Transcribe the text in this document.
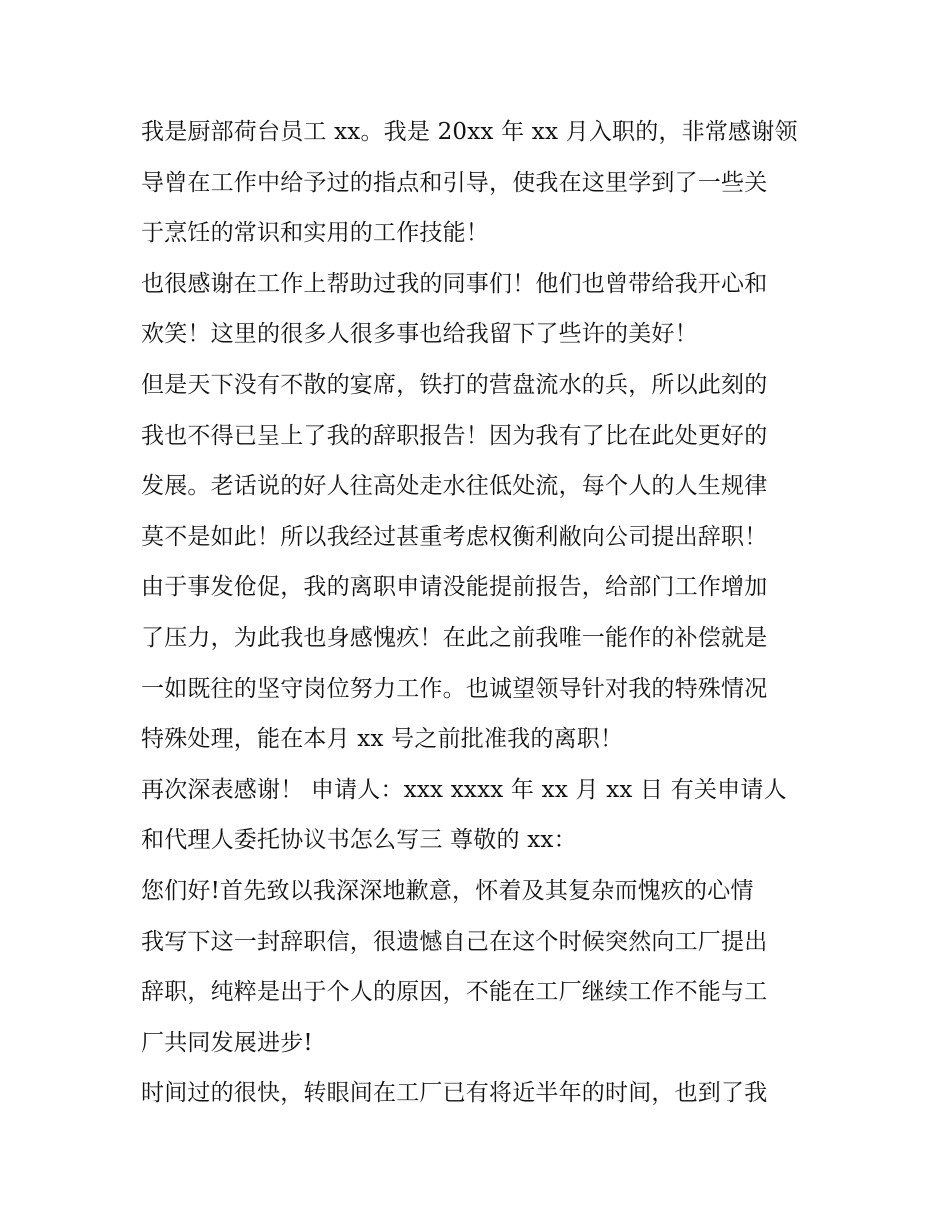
我是厨部荷台员工 xx。我是 20xx 年 xx 月入职的，非常感谢领
导曾在工作中给予过的指点和引导，使我在这里学到了一些关
于烹饪的常识和实用的工作技能！
也很感谢在工作上帮助过我的同事们！他们也曾带给我开心和
欢笑！这里的很多人很多事也给我留下了些许的美好！
但是天下没有不散的宴席，铁打的营盘流水的兵，所以此刻的
我也不得已呈上了我的辞职报告！因为我有了比在此处更好的
发展。老话说的好人往高处走水往低处流，每个人的人生规律
莫不是如此！所以我经过甚重考虑权衡利敝向公司提出辞职！
由于事发伧促，我的离职申请没能提前报告，给部门工作增加
了压力，为此我也身感愧疚！在此之前我唯一能作的补偿就是
一如既往的坚守岗位努力工作。也诚望领导针对我的特殊情况
特殊处理，能在本月 xx 号之前批准我的离职！
再次深表感谢！ 申请人：xxx xxxx 年 xx 月 xx 日 有关申请人
和代理人委托协议书怎么写三 尊敬的 xx：
您们好!首先致以我深深地歉意，怀着及其复杂而愧疚的心情
我写下这一封辞职信，很遗憾自己在这个时候突然向工厂提出
辞职，纯粹是出于个人的原因，不能在工厂继续工作不能与工
厂共同发展进步!
时间过的很快，转眼间在工厂已有将近半年的时间，也到了我
